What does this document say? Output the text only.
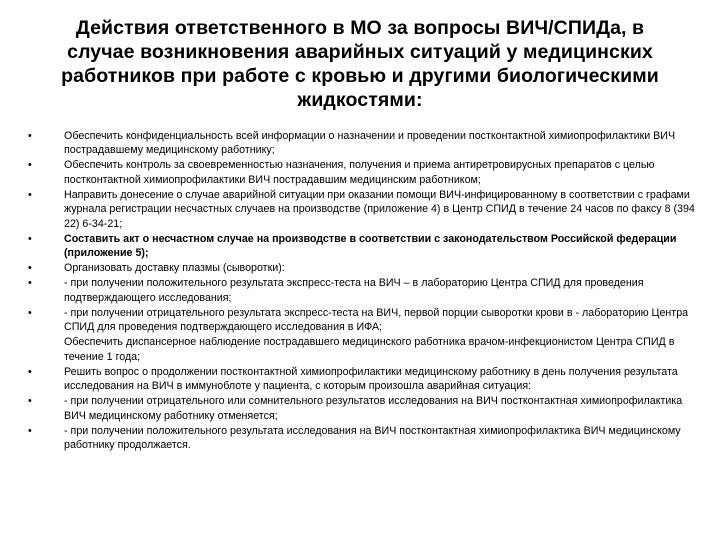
Действия ответственного в МО за вопросы ВИЧ/СПИДа, в случае возникновения аварийных ситуаций у медицинских работников при работе с кровью и другими биологическими жидкостями:
•	Обеспечить конфиденциальность всей информации о назначении и проведении постконтактной химиопрофилактики ВИЧ пострадавшему медицинскому работнику;
•	Обеспечить контроль за своевременностью назначения, получения и приема антиретровирусных препаратов с целью постконтактной химиопрофилактики ВИЧ пострадавшим медицинским работником;
•	Направить донесение о случае аварийной ситуации при оказании помощи ВИЧ-инфицированному в соответствии с графами журнала регистрации несчастных случаев на производстве (приложение 4) в Центр СПИД в течение 24 часов по факсу 8 (394 22) 6-34-21;
•	Составить акт о несчастном случае на производстве в соответствии с законодательством Российской федерации (приложение 5);
•	Организовать доставку плазмы (сыворотки):
•	- при получении положительного результата экспресс-теста на ВИЧ – в лабораторию Центра СПИД для проведения подтверждающего исследования;
•	- при получении отрицательного результата экспресс-теста на ВИЧ, первой порции сыворотки крови в - лабораторию Центра СПИД для проведения подтверждающего исследования в ИФА;
Обеспечить диспансерное наблюдение пострадавшего медицинского работника врачом-инфекционистом Центра СПИД в течение 1 года;
•	Решить вопрос о продолжении постконтактной химиопрофилактики медицинскому работнику в день получения результата исследования на ВИЧ в иммуноблоте у пациента, с которым произошла аварийная ситуация:
•	- при получении отрицательного или сомнительного результатов исследования на ВИЧ постконтактная химиопрофилактика ВИЧ медицинскому работнику отменяется;
•	- при получении положительного результата исследования на ВИЧ постконтактная химиопрофилактика ВИЧ медицинскому работнику продолжается.
